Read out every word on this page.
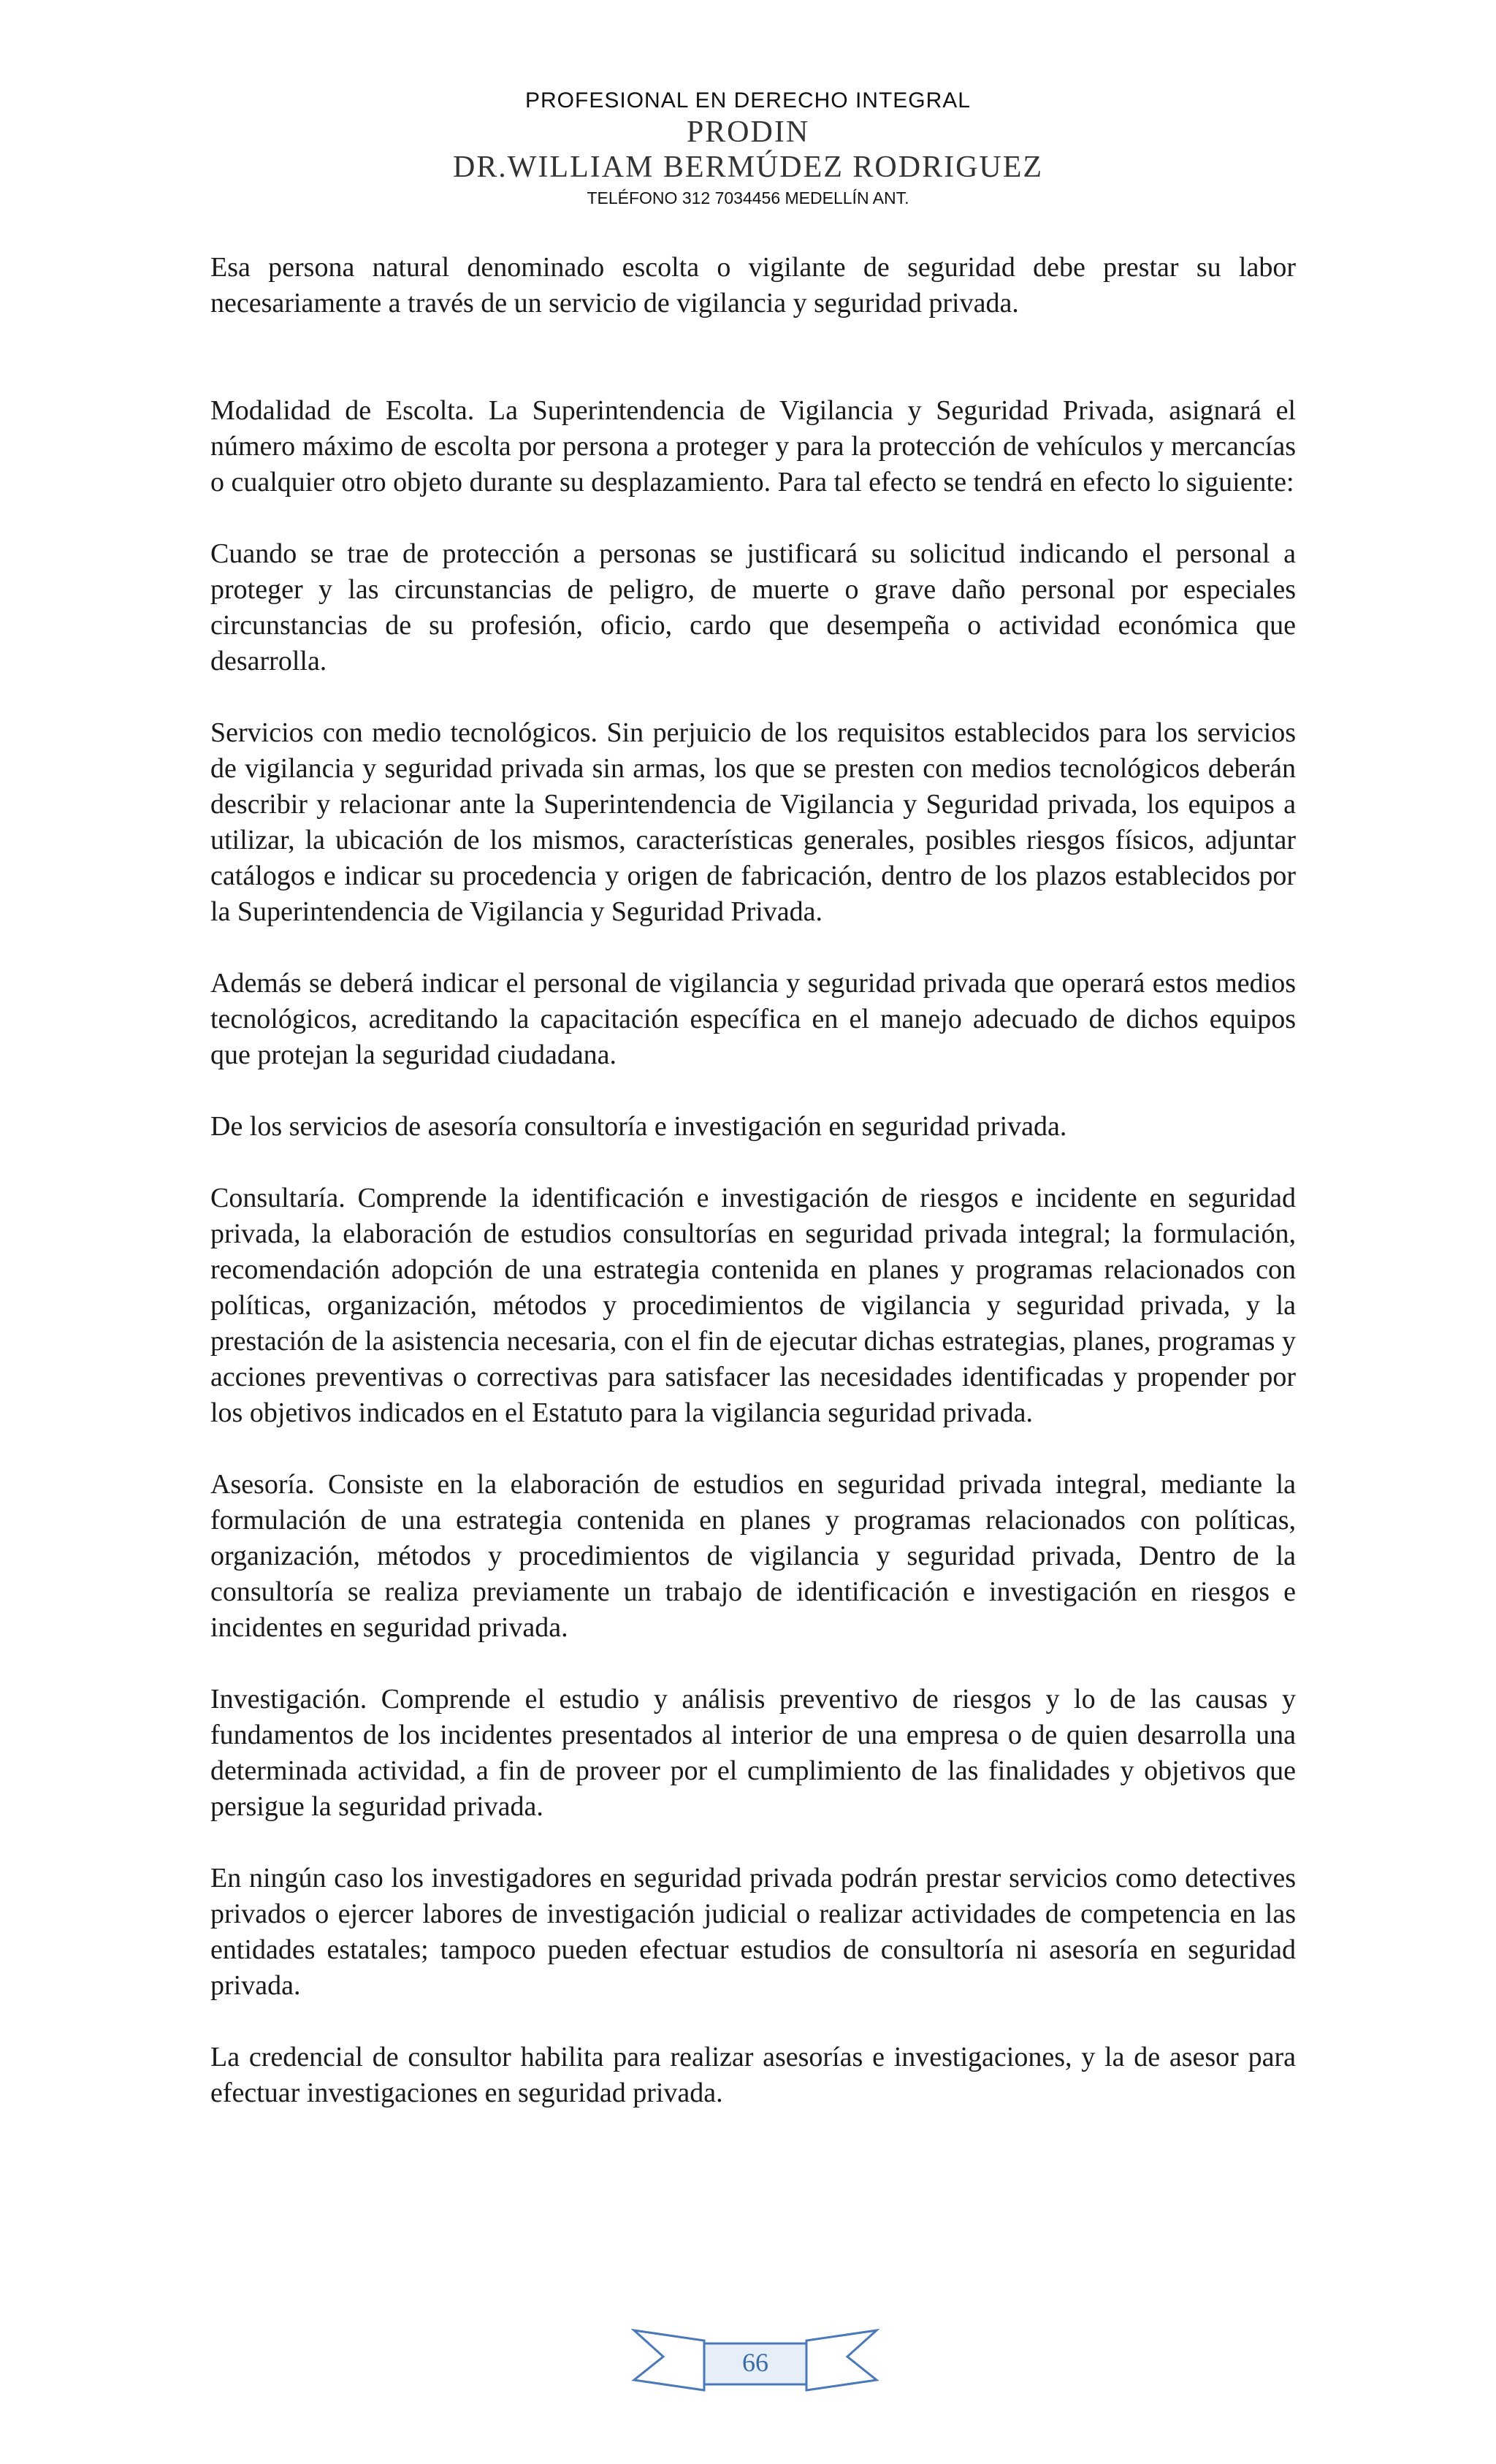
PROFESIONAL EN DERECHO INTEGRAL
PRODIN
DR.WILLIAM BERMÚDEZ RODRIGUEZ
TELÉFONO 312 7034456 MEDELLÍN ANT.

Esa persona natural denominado escolta o vigilante de seguridad debe prestar su labor necesariamente a través de un servicio de vigilancia y seguridad privada.

Modalidad de Escolta. La Superintendencia de Vigilancia y Seguridad Privada, asignará el número máximo de escolta por persona a proteger y para la protección de vehículos y mercancías o cualquier otro objeto durante su desplazamiento. Para tal efecto se tendrá en efecto lo siguiente:

Cuando se trae de protección a personas se justificará su solicitud indicando el personal a proteger y las circunstancias de peligro, de muerte o grave daño personal por especiales circunstancias de su profesión, oficio, cardo que desempeña o actividad económica que desarrolla.

Servicios con medio tecnológicos. Sin perjuicio de los requisitos establecidos para los servicios de vigilancia y seguridad privada sin armas, los que se presten con medios tecnológicos deberán describir y relacionar ante la Superintendencia de Vigilancia y Seguridad privada, los equipos a utilizar, la ubicación de los mismos, características generales, posibles riesgos físicos, adjuntar catálogos e indicar su procedencia y origen de fabricación, dentro de los plazos establecidos por la Superintendencia de Vigilancia y Seguridad Privada.

Además se deberá indicar el personal de vigilancia y seguridad privada que operará estos medios tecnológicos, acreditando la capacitación específica en el manejo adecuado de dichos equipos que protejan la seguridad ciudadana.

De los servicios de asesoría consultoría e investigación en seguridad privada.

Consultaría. Comprende la identificación e investigación de riesgos e incidente en seguridad privada, la elaboración de estudios consultorías en seguridad privada integral; la formulación, recomendación adopción de una estrategia contenida en planes y programas relacionados con políticas, organización, métodos y procedimientos de vigilancia y seguridad privada, y la prestación de la asistencia necesaria, con el fin de ejecutar dichas estrategias, planes, programas y acciones preventivas o correctivas para satisfacer las necesidades identificadas y propender por los objetivos indicados en el Estatuto para la vigilancia seguridad privada.

Asesoría. Consiste en la elaboración de estudios en seguridad privada integral, mediante la formulación de una estrategia contenida en planes y programas relacionados con políticas, organización, métodos y procedimientos de vigilancia y seguridad privada, Dentro de la consultoría se realiza previamente un trabajo de identificación e investigación en riesgos e incidentes en seguridad privada.

Investigación. Comprende el estudio y análisis preventivo de riesgos y lo de las causas y fundamentos de los incidentes presentados al interior de una empresa o de quien desarrolla una determinada actividad, a fin de proveer por el cumplimiento de las finalidades y objetivos que persigue la seguridad privada.

En ningún caso los investigadores en seguridad privada podrán prestar servicios como detectives privados o ejercer labores de investigación judicial o realizar actividades de competencia en las entidades estatales; tampoco pueden efectuar estudios de consultoría ni asesoría en seguridad privada.

La credencial de consultor habilita para realizar asesorías e investigaciones, y la de asesor para efectuar investigaciones en seguridad privada.

66
